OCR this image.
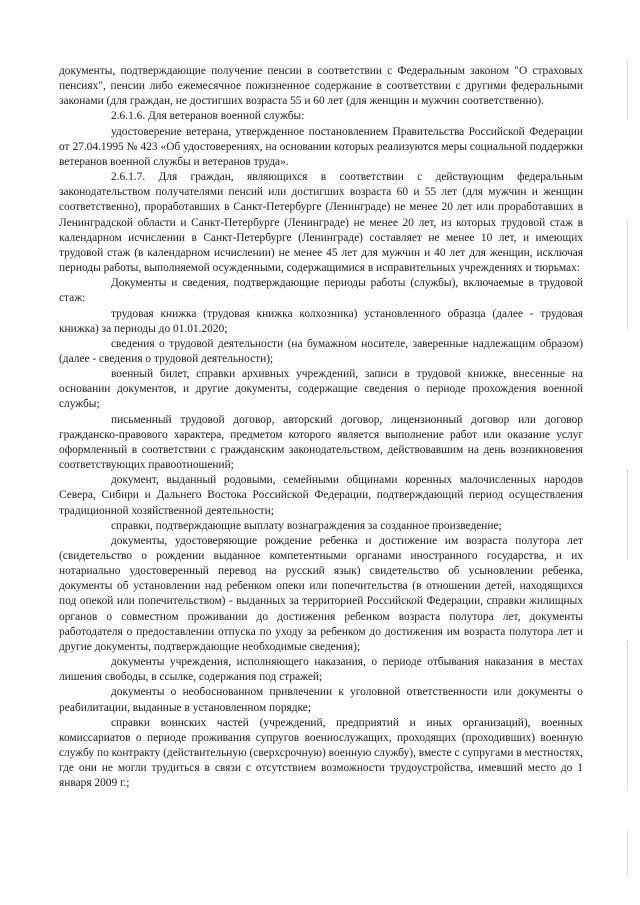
документы, подтверждающие получение пенсии в соответствии с Федеральным законом "О страховых пенсиях", пенсии либо ежемесячное пожизненное содержание в соответствии с другими федеральными законами (для граждан, не достигших возраста 55 и 60 лет (для женщин и мужчин соответственно).

2.6.1.6. Для ветеранов военной службы:

удостоверение ветерана, утвержденное постановлением Правительства Российской Федерации от 27.04.1995 № 423 «Об удостоверениях, на основании которых реализуются меры социальной поддержки ветеранов военной службы и ветеранов труда».

2.6.1.7. Для граждан, являющихся в соответствии с действующим федеральным законодательством получателями пенсий или достигших возраста 60 и 55 лет (для мужчин и женщин соответственно), проработавших в Санкт-Петербурге (Ленинграде) не менее 20 лет или проработавших в Ленинградской области и Санкт-Петербурге (Ленинграде) не менее 20 лет, из которых трудовой стаж в календарном исчислении в Санкт-Петербурге (Ленинграде) составляет не менее 10 лет, и имеющих трудовой стаж (в календарном исчислении) не менее 45 лет для мужчин и 40 лет для женщин, исключая периоды работы, выполняемой осужденными, содержащимися в исправительных учреждениях и тюрьмах:

Документы и сведения, подтверждающие периоды работы (службы), включаемые в трудовой стаж:

трудовая книжка (трудовая книжка колхозника) установленного образца (далее - трудовая книжка) за периоды до 01.01.2020;

сведения о трудовой деятельности (на бумажном носителе, заверенные надлежащим образом) (далее - сведения о трудовой деятельности);

военный билет, справки архивных учреждений, записи в трудовой книжке, внесенные на основании документов, и другие документы, содержащие сведения о периоде прохождения военной службы;

письменный трудовой договор, авторский договор, лицензионный договор или договор гражданско-правового характера, предметом которого является выполнение работ или оказание услуг оформленный в соответствии с гражданским законодательством, действовавшим на день возникновения соответствующих правоотношений;

документ, выданный родовыми, семейными общинами коренных малочисленных народов Севера, Сибири и Дальнего Востока Российской Федерации, подтверждающий период осуществления традиционной хозяйственной деятельности;

справки, подтверждающие выплату вознаграждения за созданное произведение;

документы, удостоверяющие рождение ребенка и достижение им возраста полутора лет (свидетельство о рождении выданное компетентными органами иностранного государства, и их нотариально удостоверенный перевод на русский язык) свидетельство об усыновлении ребенка, документы об установлении над ребенком опеки или попечительства (в отношении детей, находящихся под опекой или попечительством) - выданных за территорией Российской Федерации, справки жилищных органов о совместном проживании до достижения ребенком возраста полутора лет, документы работодателя о предоставлении отпуска по уходу за ребенком до достижения им возраста полутора лет и другие документы, подтверждающие необходимые сведения);

документы учреждения, исполняющего наказания, о периоде отбывания наказания в местах лишения свободы, в ссылке, содержания под стражей;

документы о необоснованном привлечении к уголовной ответственности или документы о реабилитации, выданные в установленном порядке;

справки воинских частей (учреждений, предприятий и иных организаций), военных комиссариатов о периоде проживания супругов военнослужащих, проходящих (проходивших) военную службу по контракту (действительную (сверхсрочную) военную службу), вместе с супругами в местностях, где они не могли трудиться в связи с отсутствием возможности трудоустройства, имевший место до 1 января 2009 г.;
